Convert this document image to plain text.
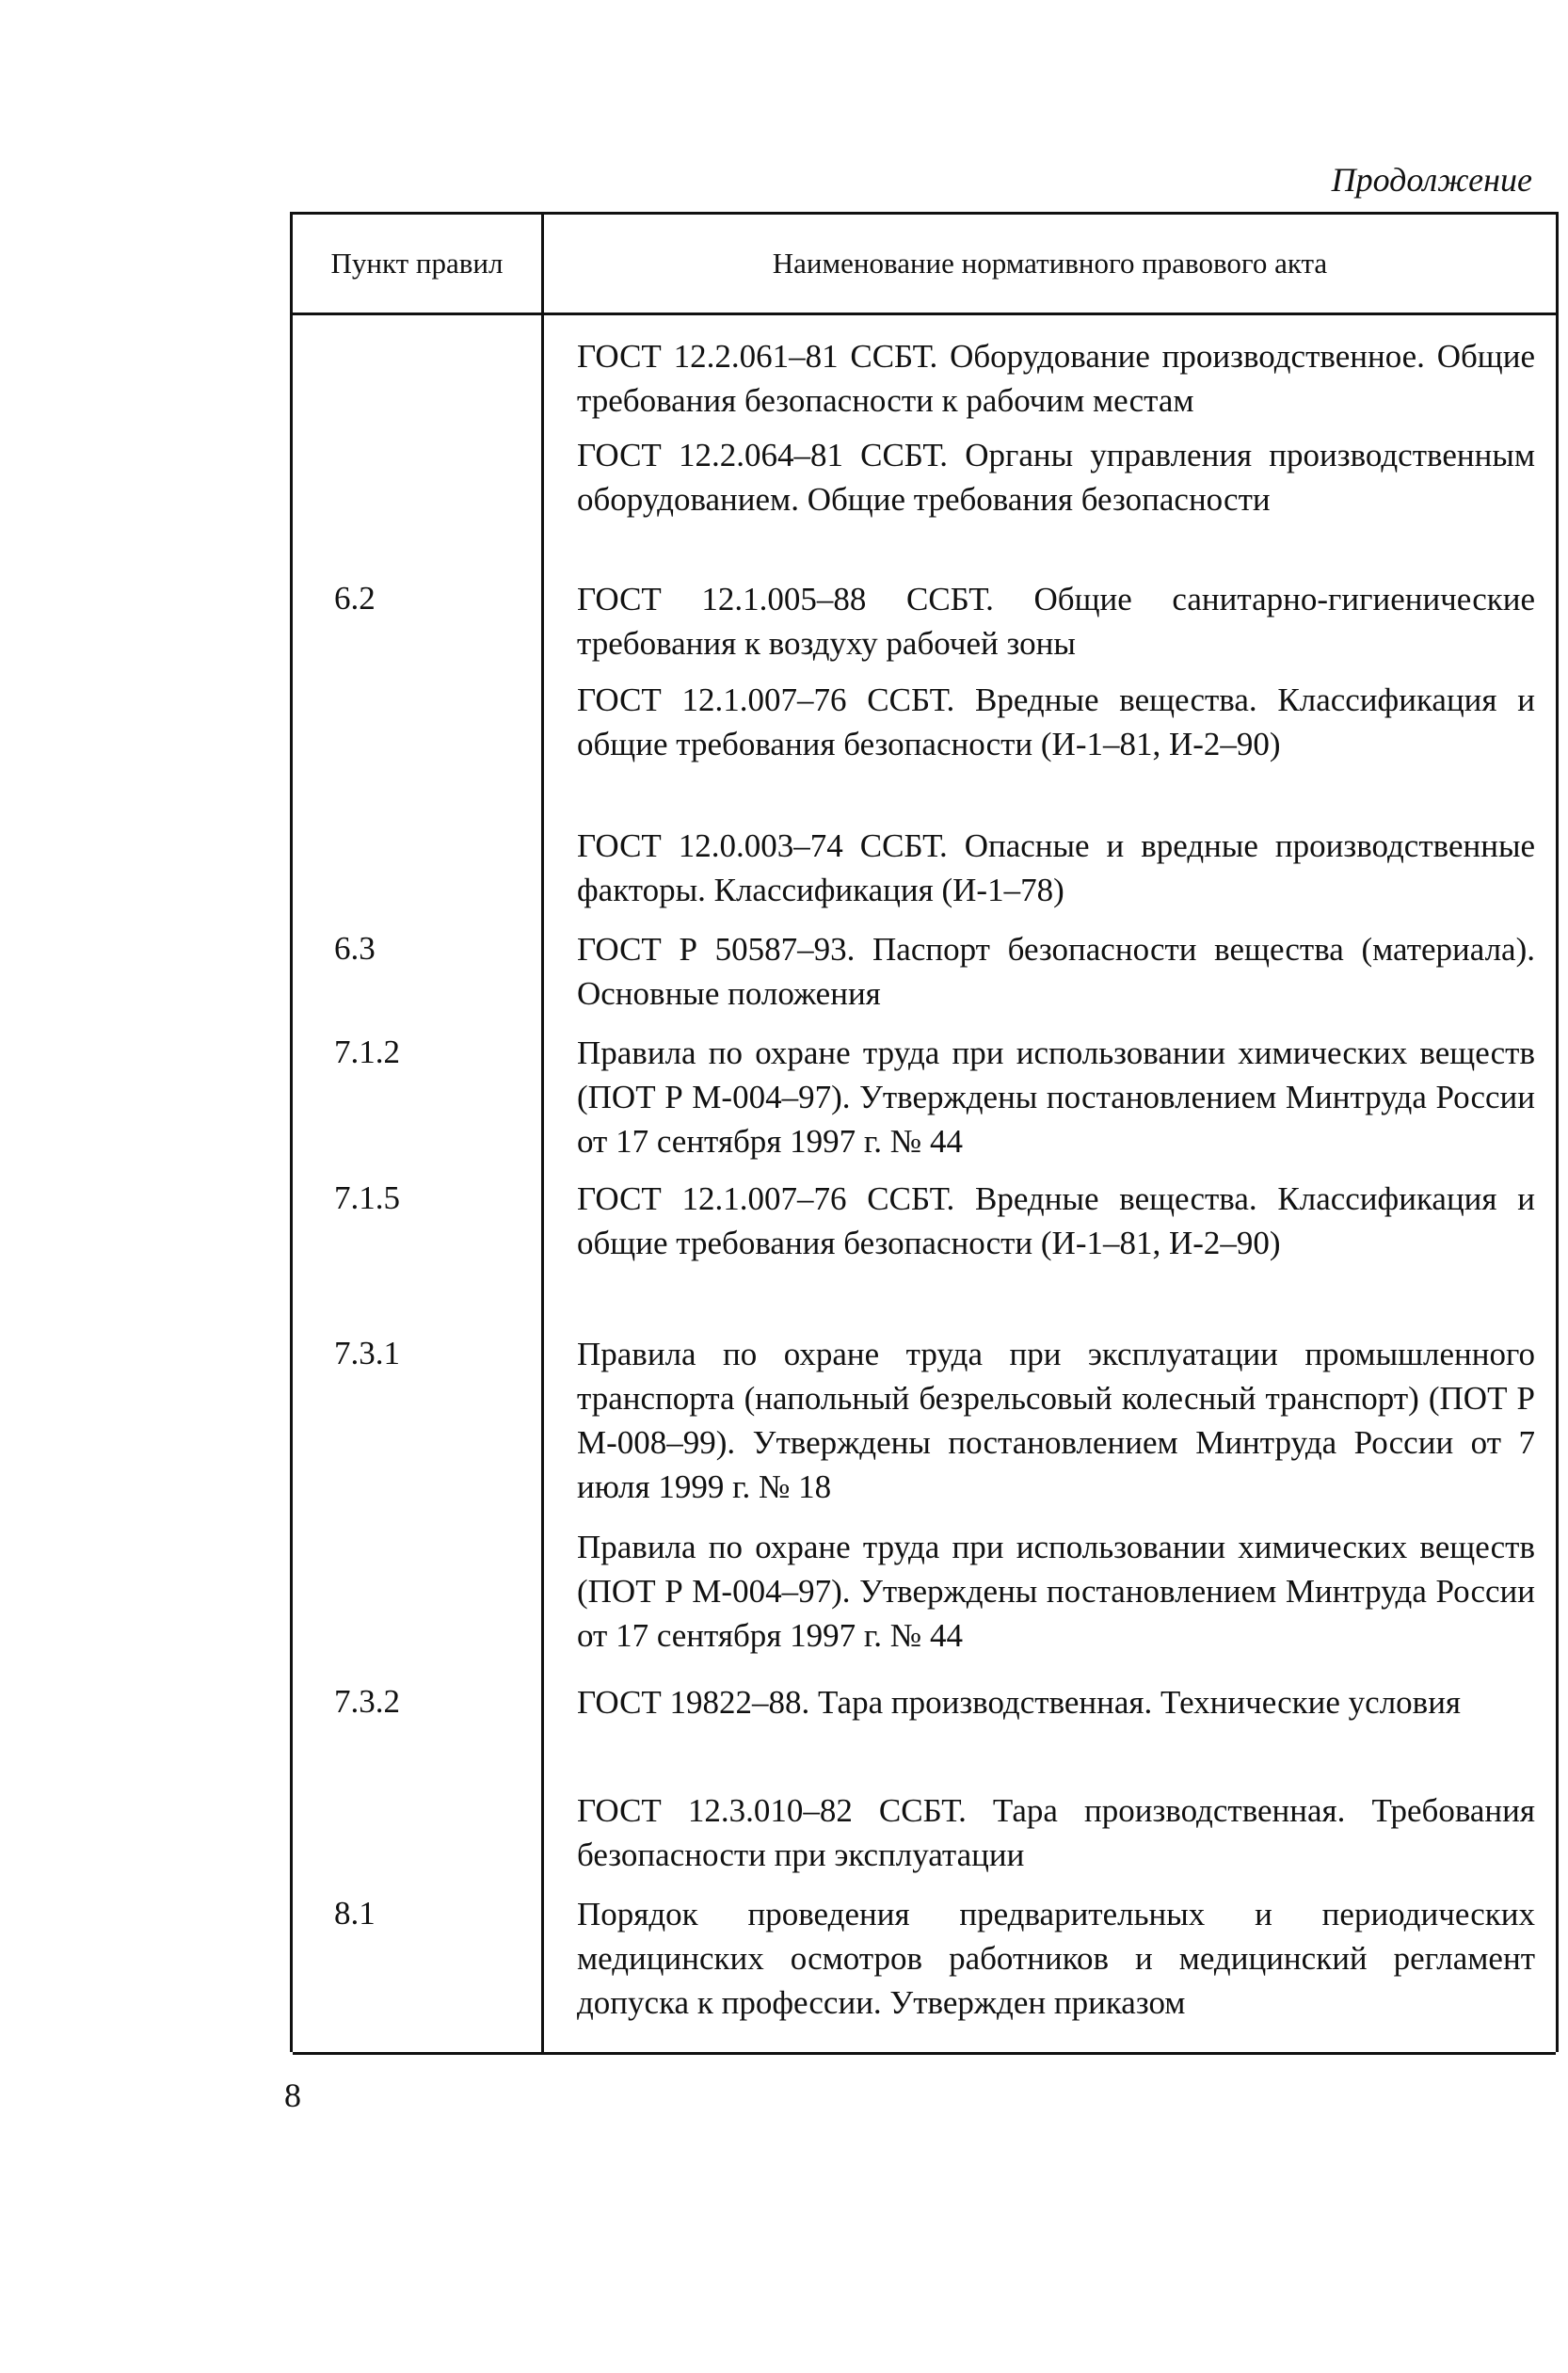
Продолжение
Пункт правил	Наименование нормативного правового акта
ГОСТ 12.2.061–81 ССБТ. Оборудование производственное. Общие требования безопасности к рабочим местам
ГОСТ 12.2.064–81 ССБТ. Органы управления производственным оборудованием. Общие требования безопасности
6.2	ГОСТ 12.1.005–88 ССБТ. Общие санитарно-гигиенические требования к воздуху рабочей зоны
ГОСТ 12.1.007–76 ССБТ. Вредные вещества. Классификация и общие требования безопасности (И-1–81, И-2–90)
ГОСТ 12.0.003–74 ССБТ. Опасные и вредные производственные факторы. Классификация (И-1–78)
6.3	ГОСТ Р 50587–93. Паспорт безопасности вещества (материала). Основные положения
7.1.2	Правила по охране труда при использовании химических веществ (ПОТ Р М-004–97). Утверждены постановлением Минтруда России от 17 сентября 1997 г. № 44
7.1.5	ГОСТ 12.1.007–76 ССБТ. Вредные вещества. Классификация и общие требования безопасности (И-1–81, И-2–90)
7.3.1	Правила по охране труда при эксплуатации промышленного транспорта (напольный безрельсовый колесный транспорт) (ПОТ Р М-008–99). Утверждены постановлением Минтруда России от 7 июля 1999 г. № 18
Правила по охране труда при использовании химических веществ (ПОТ Р М-004–97). Утверждены постановлением Минтруда России от 17 сентября 1997 г. № 44
7.3.2	ГОСТ 19822–88. Тара производственная. Технические условия
ГОСТ 12.3.010–82 ССБТ. Тара производственная. Требования безопасности при эксплуатации
8.1	Порядок проведения предварительных и периодических медицинских осмотров работников и медицинский регламент допуска к профессии. Утвержден приказом
8
